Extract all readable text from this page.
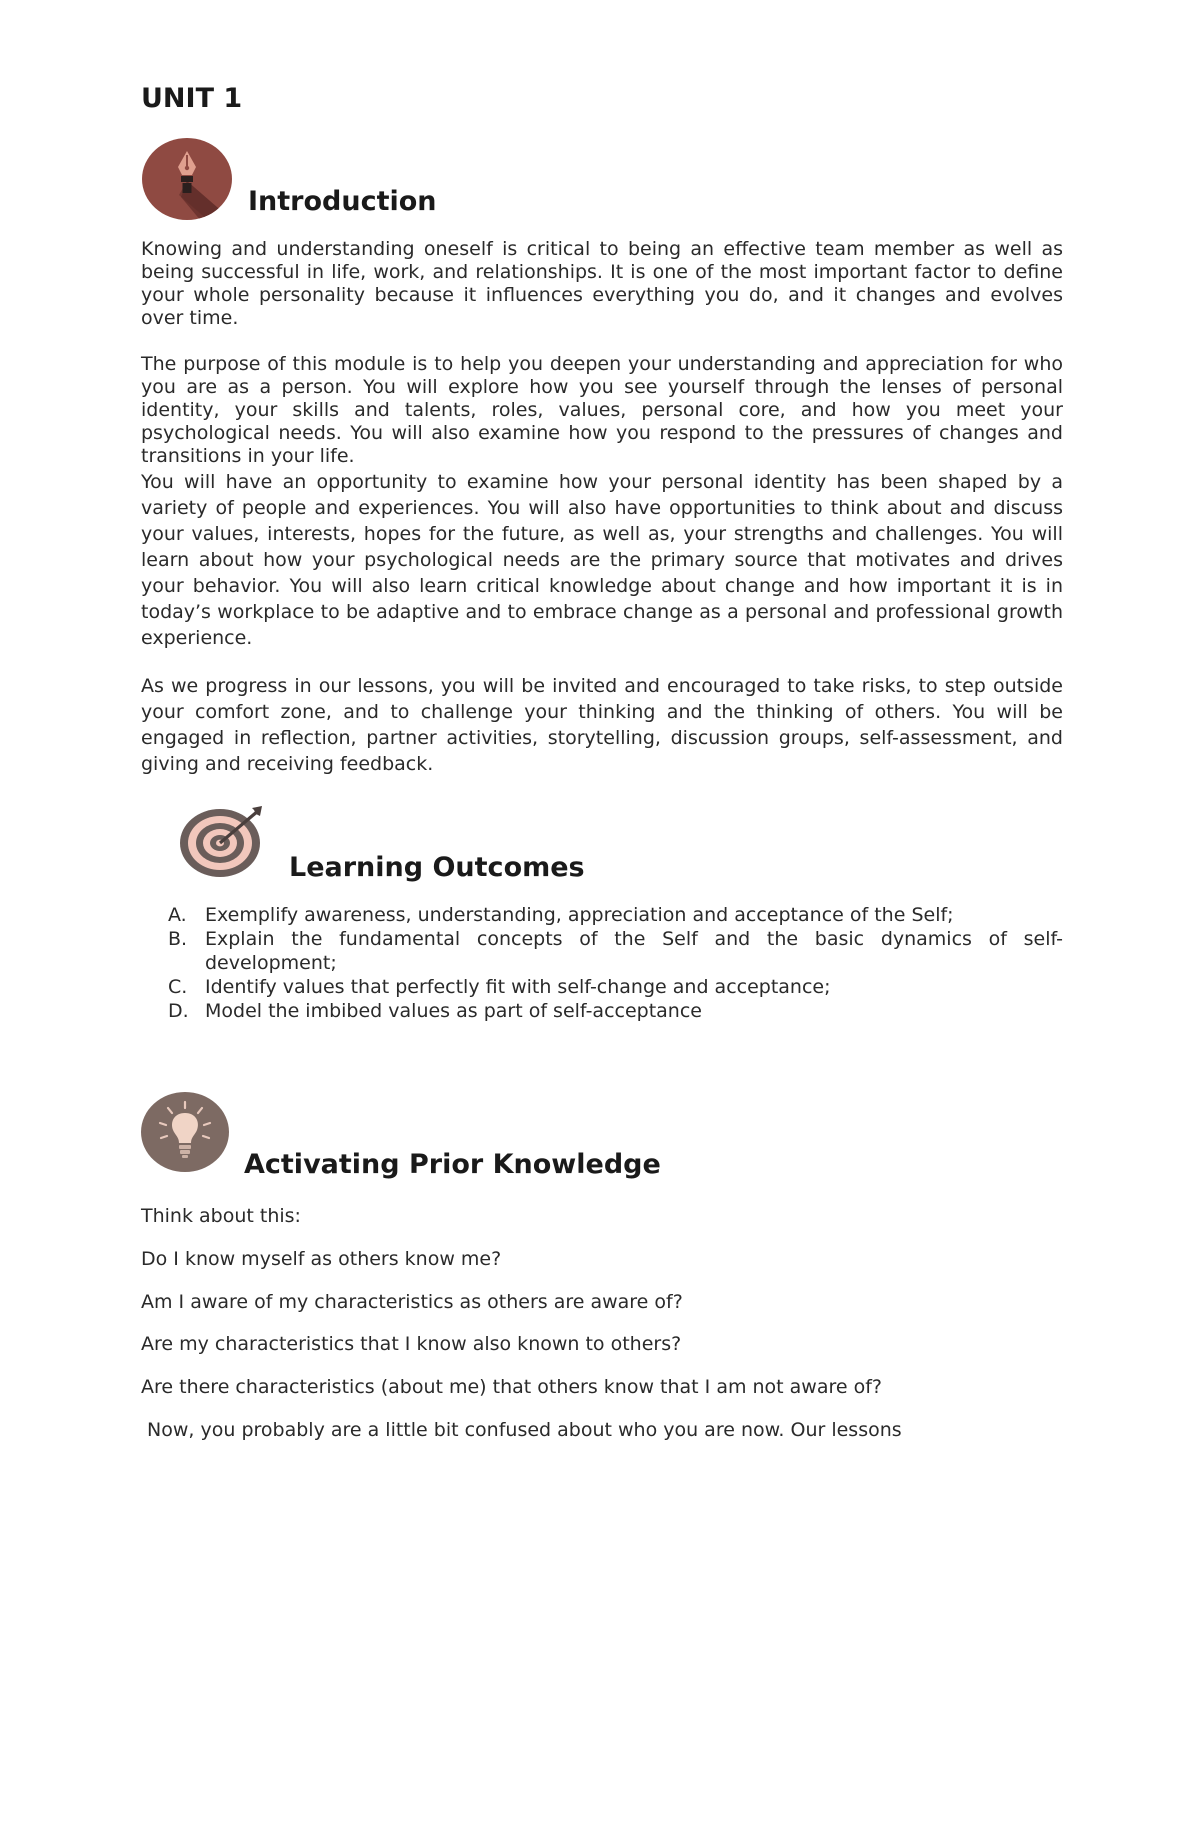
UNIT 1
Introduction

Knowing and understanding oneself is critical to being an effective team member as well as being successful in life, work, and relationships. It is one of the most important factor to define your whole personality because it influences everything you do, and it changes and evolves over time.

The purpose of this module is to help you deepen your understanding and appreciation for who you are as a person. You will explore how you see yourself through the lenses of personal identity, your skills and talents, roles, values, personal core, and how you meet your psychological needs. You will also examine how you respond to the pressures of changes and transitions in your life.

You will have an opportunity to examine how your personal identity has been shaped by a variety of people and experiences. You will also have opportunities to think about and discuss your values, interests, hopes for the future, as well as, your strengths and challenges. You will learn about how your psychological needs are the primary source that motivates and drives your behavior. You will also learn critical knowledge about change and how important it is in today’s workplace to be adaptive and to embrace change as a personal and professional growth experience.

As we progress in our lessons, you will be invited and encouraged to take risks, to step outside your comfort zone, and to challenge your thinking and the thinking of others. You will be engaged in reflection, partner activities, storytelling, discussion groups, self-assessment, and giving and receiving feedback.

Learning Outcomes
A. Exemplify awareness, understanding, appreciation and acceptance of the Self;
B. Explain the fundamental concepts of the Self and the basic dynamics of self-development;
C. Identify values that perfectly fit with self-change and acceptance;
D. Model the imbibed values as part of self-acceptance
Activating Prior Knowledge

Think about this:

Do I know myself as others know me?

Am I aware of my characteristics as others are aware of?

Are my characteristics that I know also known to others?

Are there characteristics (about me) that others know that I am not aware of?

Now, you probably are a little bit confused about who you are now. Our lessons
